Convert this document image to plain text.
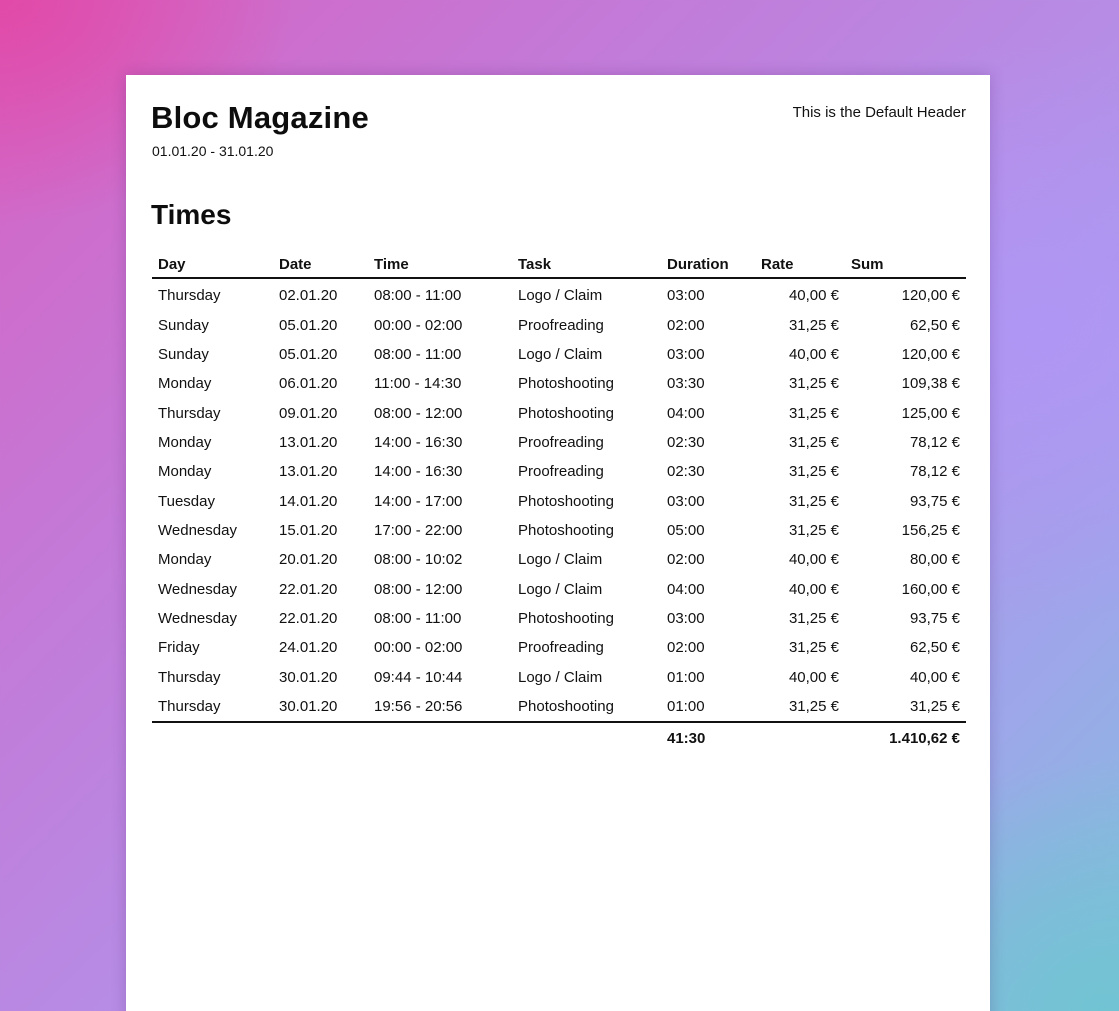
Bloc Magazine
01.01.20 - 31.01.20
This is the Default Header
Times
Day	Date	Time	Task	Duration	Rate	Sum
Thursday	02.01.20	08:00 - 11:00	Logo / Claim	03:00	40,00 €	120,00 €
Sunday	05.01.20	00:00 - 02:00	Proofreading	02:00	31,25 €	62,50 €
Sunday	05.01.20	08:00 - 11:00	Logo / Claim	03:00	40,00 €	120,00 €
Monday	06.01.20	11:00 - 14:30	Photoshooting	03:30	31,25 €	109,38 €
Thursday	09.01.20	08:00 - 12:00	Photoshooting	04:00	31,25 €	125,00 €
Monday	13.01.20	14:00 - 16:30	Proofreading	02:30	31,25 €	78,12 €
Monday	13.01.20	14:00 - 16:30	Proofreading	02:30	31,25 €	78,12 €
Tuesday	14.01.20	14:00 - 17:00	Photoshooting	03:00	31,25 €	93,75 €
Wednesday	15.01.20	17:00 - 22:00	Photoshooting	05:00	31,25 €	156,25 €
Monday	20.01.20	08:00 - 10:02	Logo / Claim	02:00	40,00 €	80,00 €
Wednesday	22.01.20	08:00 - 12:00	Logo / Claim	04:00	40,00 €	160,00 €
Wednesday	22.01.20	08:00 - 11:00	Photoshooting	03:00	31,25 €	93,75 €
Friday	24.01.20	00:00 - 02:00	Proofreading	02:00	31,25 €	62,50 €
Thursday	30.01.20	09:44 - 10:44	Logo / Claim	01:00	40,00 €	40,00 €
Thursday	30.01.20	19:56 - 20:56	Photoshooting	01:00	31,25 €	31,25 €
				41:30		1.410,62 €
